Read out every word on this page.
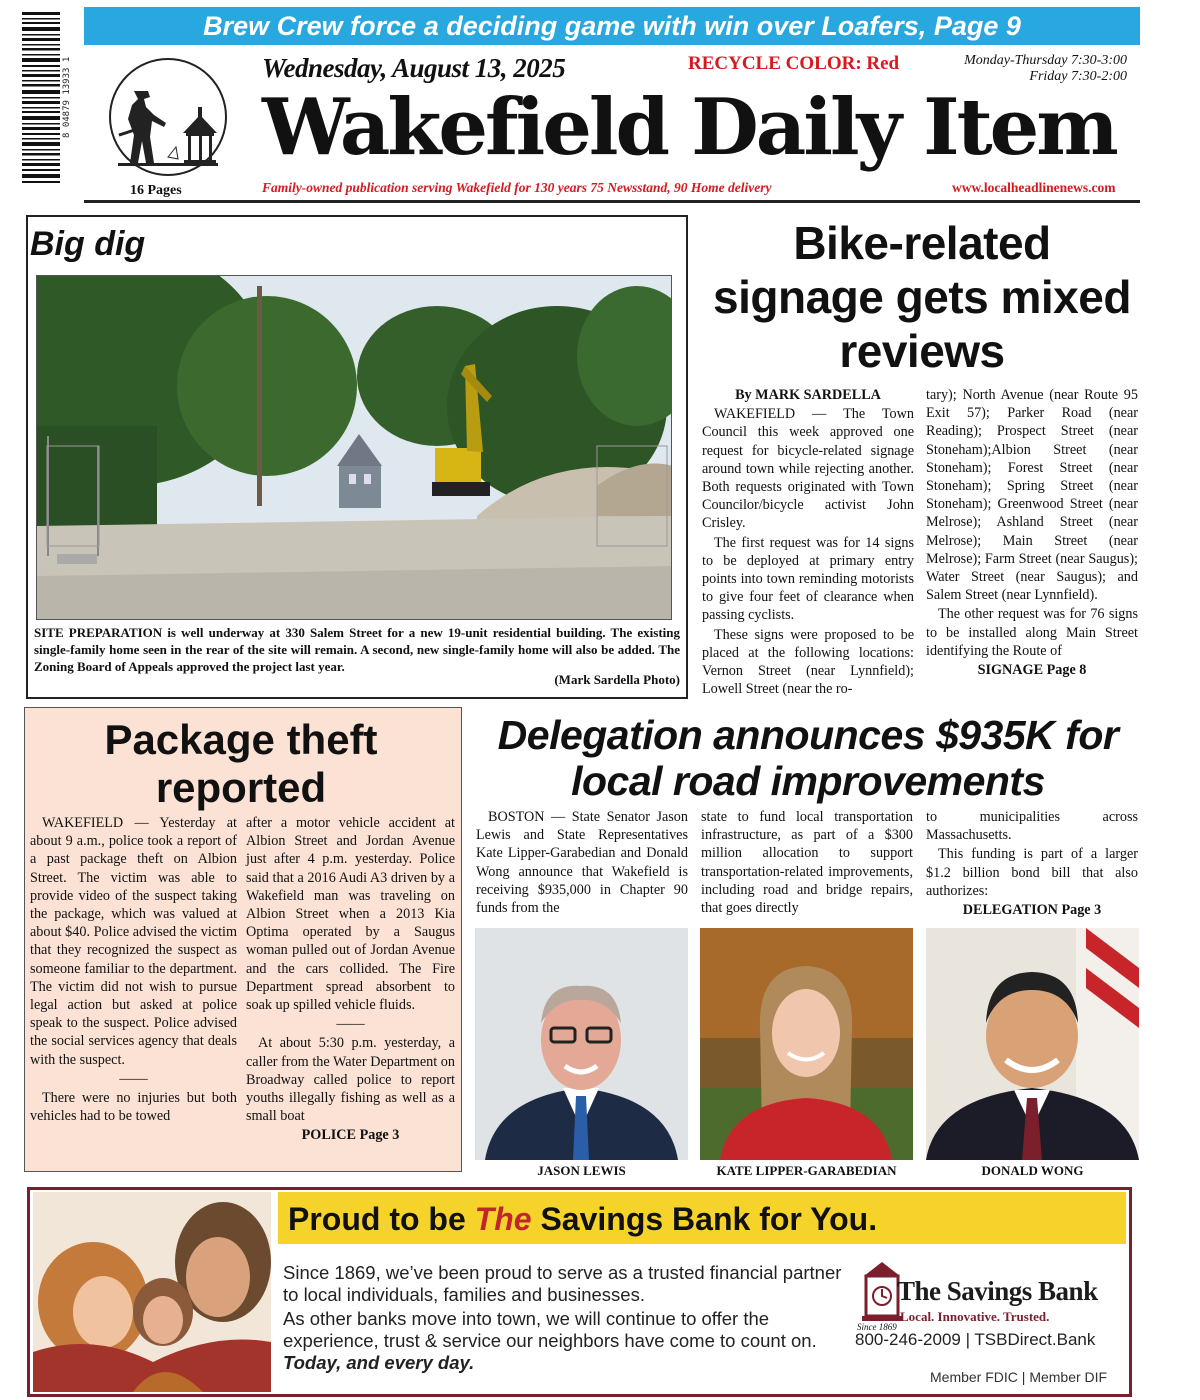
8 04879 13933 1
Brew Crew force a deciding game with win over Loafers, Page 9
16 Pages
Wednesday, August 13, 2025	RECYCLE COLOR: Red	Monday-Thursday 7:30-3:00
Friday 7:30-2:00
Wakefield Daily Item
Family-owned publication serving Wakefield for 130 years 75 Newsstand, 90 Home delivery	www.localheadlinenews.com
Big dig
SITE PREPARATION is well underway at 330 Salem Street for a new 19-unit residential building. The existing single-family home seen in the rear of the site will remain. A second, new single-family home will also be added. The Zoning Board of Appeals approved the project last year.
(Mark Sardella Photo)
Bike-related signage gets mixed reviews

By MARK SARDELLA

WAKEFIELD — The Town Council this week approved one request for bicycle-related signage around town while rejecting another. Both requests originated with Town Councilor/bicycle activist John Crisley.

The first request was for 14 signs to be deployed at primary entry points into town reminding motorists to give four feet of clearance when passing cyclists.

These signs were proposed to be placed at the following locations: Vernon Street (near Lynnfield); Lowell Street (near the ro-

tary); North Avenue (near Route 95 Exit 57); Parker Road (near Reading); Prospect Street (near Stoneham);Albion Street (near Stoneham); Forest Street (near Stoneham); Spring Street (near Stoneham); Greenwood Street (near Melrose); Ashland Street (near Melrose); Main Street (near Melrose); Farm Street (near Saugus); Water Street (near Saugus); and Salem Street (near Lynnfield).

The other request was for 76 signs to be installed along Main Street identifying the Route of

SIGNAGE Page 8

Package theft reported

WAKEFIELD — Yesterday at about 9 a.m., police took a report of a past package theft on Albion Street. The victim was able to provide video of the suspect taking the package, which was valued at about $40. Police advised the victim that they recognized the suspect as someone familiar to the department. The victim did not wish to pursue legal action but asked at police speak to the suspect. Police advised the social services agency that deals with the suspect.

——

There were no injuries but both vehicles had to be towed

after a motor vehicle accident at Albion Street and Jordan Avenue just after 4 p.m. yesterday. Police said that a 2016 Audi A3 driven by a Wakefield man was traveling on Albion Street when a 2013 Kia Optima operated by a Saugus woman pulled out of Jordan Avenue and the cars collided. The Fire Department spread absorbent to soak up spilled vehicle fluids.

——

At about 5:30 p.m. yesterday, a caller from the Water Department on Broadway called police to report youths illegally fishing as well as a small boat

POLICE Page 3

Delegation announces $935K for local road improvements

BOSTON — State Senator Jason Lewis and State Representatives Kate Lipper-Garabedian and Donald Wong announce that Wakefield is receiving $935,000 in Chapter 90 funds from the

state to fund local transportation infrastructure, as part of a $300 million allocation to support transportation-related improvements, including road and bridge repairs, that goes directly

to municipalities across Massachusetts.

This funding is part of a larger $1.2 billion bond bill that also authorizes:

DELEGATION Page 3

JASON LEWIS	KATE LIPPER-GARABEDIAN	DONALD WONG
Proud to be The Savings Bank for You.

Since 1869, we’ve been proud to serve as a trusted financial partner to local individuals, families and businesses.

As other banks move into town, we will continue to offer the experience, trust & service our neighbors have come to count on. Today, and every day.

The Savings Bank
Local. Innovative. Trusted.
Since 1869
800-246-2009 | TSBDirect.Bank
Member FDIC | Member DIF
